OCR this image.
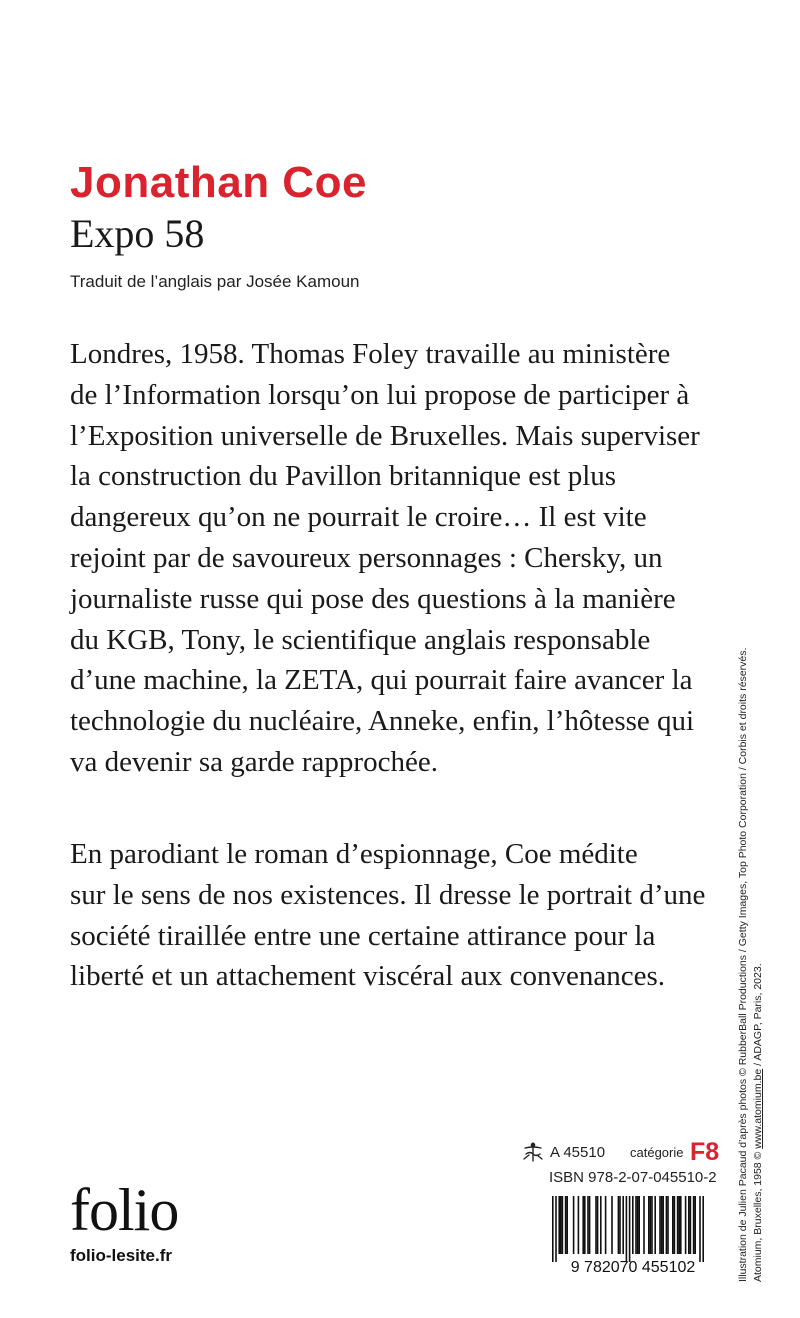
Jonathan Coe
Expo 58
Traduit de l’anglais par Josée Kamoun

Londres, 1958. Thomas Foley travaille au ministère

de l’Information lorsqu’on lui propose de participer à

l’Exposition universelle de Bruxelles. Mais superviser

la construction du Pavillon britannique est plus

dangereux qu’on ne pourrait le croire… Il est vite

rejoint par de savoureux personnages : Chersky, un

journaliste russe qui pose des questions à la manière

du KGB, Tony, le scientifique anglais responsable

d’une machine, la ZETA, qui pourrait faire avancer la

technologie du nucléaire, Anneke, enfin, l’hôtesse qui

va devenir sa garde rapprochée.

En parodiant le roman d’espionnage, Coe médite

sur le sens de nos existences. Il dresse le portrait d’une

société tiraillée entre une certaine attirance pour la

liberté et un attachement viscéral aux convenances.	Illustration de Julien Pacaud d’après photos © RubberBall Productions / Getty Images, Top Photo Corporation / Corbis et droits réservés. Atomium, Bruxelles, 1958 © www.atomium.be / ADAGP, Paris, 2023.
A 45510 catégorie F8
ISBN 978-2-07-045510-2
9 782070 455102
folio
folio-lesite.fr
